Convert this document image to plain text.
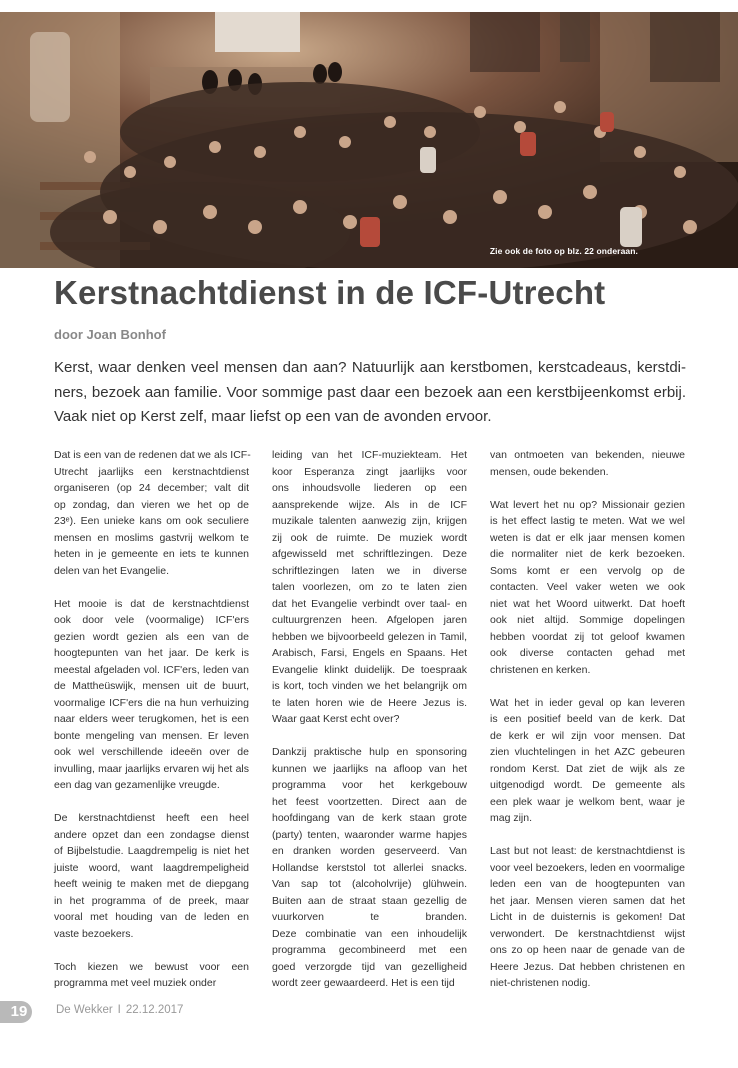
Zie ook de foto op blz. 22 onderaan.
Kerstnachtdienst in de ICF-Utrecht
door Joan Bonhof

Kerst, waar denken veel mensen dan aan? Natuurlijk aan kerstbomen, kerstcadeaus, kerstdi-
ners, bezoek aan familie. Voor sommige past daar een bezoek aan een kerstbijeenkomst erbij.
Vaak niet op Kerst zelf, maar liefst op een van de avonden ervoor.

Dat is een van de redenen dat we als ICF-
Utrecht jaarlijks een kerstnachtdienst
organiseren (op 24 december; valt dit
op zondag, dan vieren we het op de
23ᵉ). Een unieke kans om ook seculiere
mensen en moslims gastvrij welkom te
heten in je gemeente en iets te kunnen
delen van het Evangelie.
Het mooie is dat de kerstnachtdienst
ook door vele (voormalige) ICF'ers
gezien wordt gezien als een van de
hoogtepunten van het jaar. De kerk is
meestal afgeladen vol. ICF'ers, leden van
de Mattheüswijk, mensen uit de buurt,
voormalige ICF'ers die na hun verhuizing
naar elders weer terugkomen, het is een
bonte mengeling van mensen. Er leven
ook wel verschillende ideeën over de
invulling, maar jaarlijks ervaren wij het als
een dag van gezamenlijke vreugde.
De kerstnachtdienst heeft een heel
andere opzet dan een zondagse dienst
of Bijbelstudie. Laagdrempelig is niet het
juiste woord, want laagdrempeligheid
heeft weinig te maken met de diepgang
in het programma of de preek, maar
vooral met houding van de leden en
vaste bezoekers.
Toch kiezen we bewust voor een
programma met veel muziek onder
leiding van het ICF-muziekteam. Het
koor Esperanza zingt jaarlijks voor
ons inhoudsvolle liederen op een
aansprekende wijze. Als in de ICF
muzikale talenten aanwezig zijn, krijgen
zij ook de ruimte. De muziek wordt
afgewisseld met schriftlezingen. Deze
schriftlezingen laten we in diverse
talen voorlezen, om zo te laten zien
dat het Evangelie verbindt over taal- en
cultuurgrenzen heen. Afgelopen jaren
hebben we bijvoorbeeld gelezen in Tamil,
Arabisch, Farsi, Engels en Spaans. Het
Evangelie klinkt duidelijk. De toespraak
is kort, toch vinden we het belangrijk om
te laten horen wie de Heere Jezus is.
Waar gaat Kerst echt over?
Dankzij praktische hulp en sponsoring
kunnen we jaarlijks na afloop van het
programma voor het kerkgebouw
het feest voortzetten. Direct aan de
hoofdingang van de kerk staan grote
(party) tenten, waaronder warme hapjes
en dranken worden geserveerd. Van
Hollandse kerststol tot allerlei snacks.
Van sap tot (alcoholvrije) glühwein.
Buiten aan de straat staan gezellig de
vuurkorven te branden.
Deze combinatie van een inhoudelijk
programma gecombineerd met een
goed verzorgde tijd van gezelligheid
wordt zeer gewaardeerd. Het is een tijd
van ontmoeten van bekenden, nieuwe
mensen, oude bekenden.
Wat levert het nu op? Missionair gezien
is het effect lastig te meten. Wat we wel
weten is dat er elk jaar mensen komen
die normaliter niet de kerk bezoeken.
Soms komt er een vervolg op de
contacten. Veel vaker weten we ook
niet wat het Woord uitwerkt. Dat hoeft
ook niet altijd. Sommige dopelingen
hebben voordat zij tot geloof kwamen
ook diverse contacten gehad met
christenen en kerken.
Wat het in ieder geval op kan leveren
is een positief beeld van de kerk. Dat
de kerk er wil zijn voor mensen. Dat
zien vluchtelingen in het AZC gebeuren
rondom Kerst. Dat ziet de wijk als ze
uitgenodigd wordt. De gemeente als
een plek waar je welkom bent, waar je
mag zijn.
Last but not least: de kerstnachtdienst is
voor veel bezoekers, leden en voormalige
leden een van de hoogtepunten van
het jaar. Mensen vieren samen dat het
Licht in de duisternis is gekomen! Dat
verwondert. De kerstnachtdienst wijst
ons zo op heen naar de genade van de
Heere Jezus. Dat hebben christenen en
niet-christenen nodig.
19	De Wekker I 22.12.2017
